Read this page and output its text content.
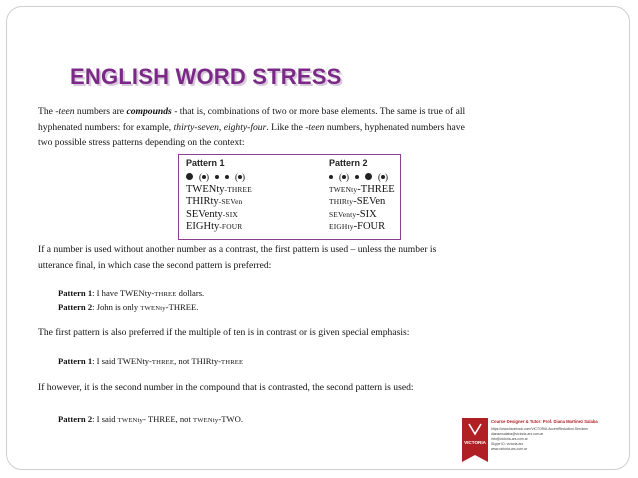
ENGLISH WORD STRESS

The -teen numbers are compounds - that is, combinations of two or more base elements. The same is true of all hyphenated numbers: for example, thirty-seven, eighty-four. Like the -teen numbers, hyphenated numbers have two possible stress patterns depending on the context:

Pattern 1
( )	( )
TWENty-THREE
THIRty-SEVen
SEVenty-SIX
EIGHty-FOUR
Pattern 2
( )	( )
TWENty-THREE
THIRty-SEVen
SEVenty-SIX
EIGHty-FOUR

If a number is used without another number as a contrast, the first pattern is used – unless the number is utterance final, in which case the second pattern is preferred:

Pattern 1: I have TWENty-THREE dollars.
Pattern 2: John is only TWENty-THREE.

The first pattern is also preferred if the multiple of ten is in contrast or is given special emphasis:

Pattern 1: I said TWENty-THREE, not THIRty-THREE

If however, it is the second number in the compound that is contrasted, the second pattern is used:

Pattern 2: I said TWENty- THREE, not TWENty-TWO.
VICTORIA
Course Designer & Tutor: Prof. Diana Martinez Salaba
https://www.facebook.com/VICTORIA.AccentReduction.Services
dianamsalaba@victoria-ars.com.ar
info@victoria-ars.com.ar
Skype ID: victoria-ars
www.victoria-ars.com.ar
